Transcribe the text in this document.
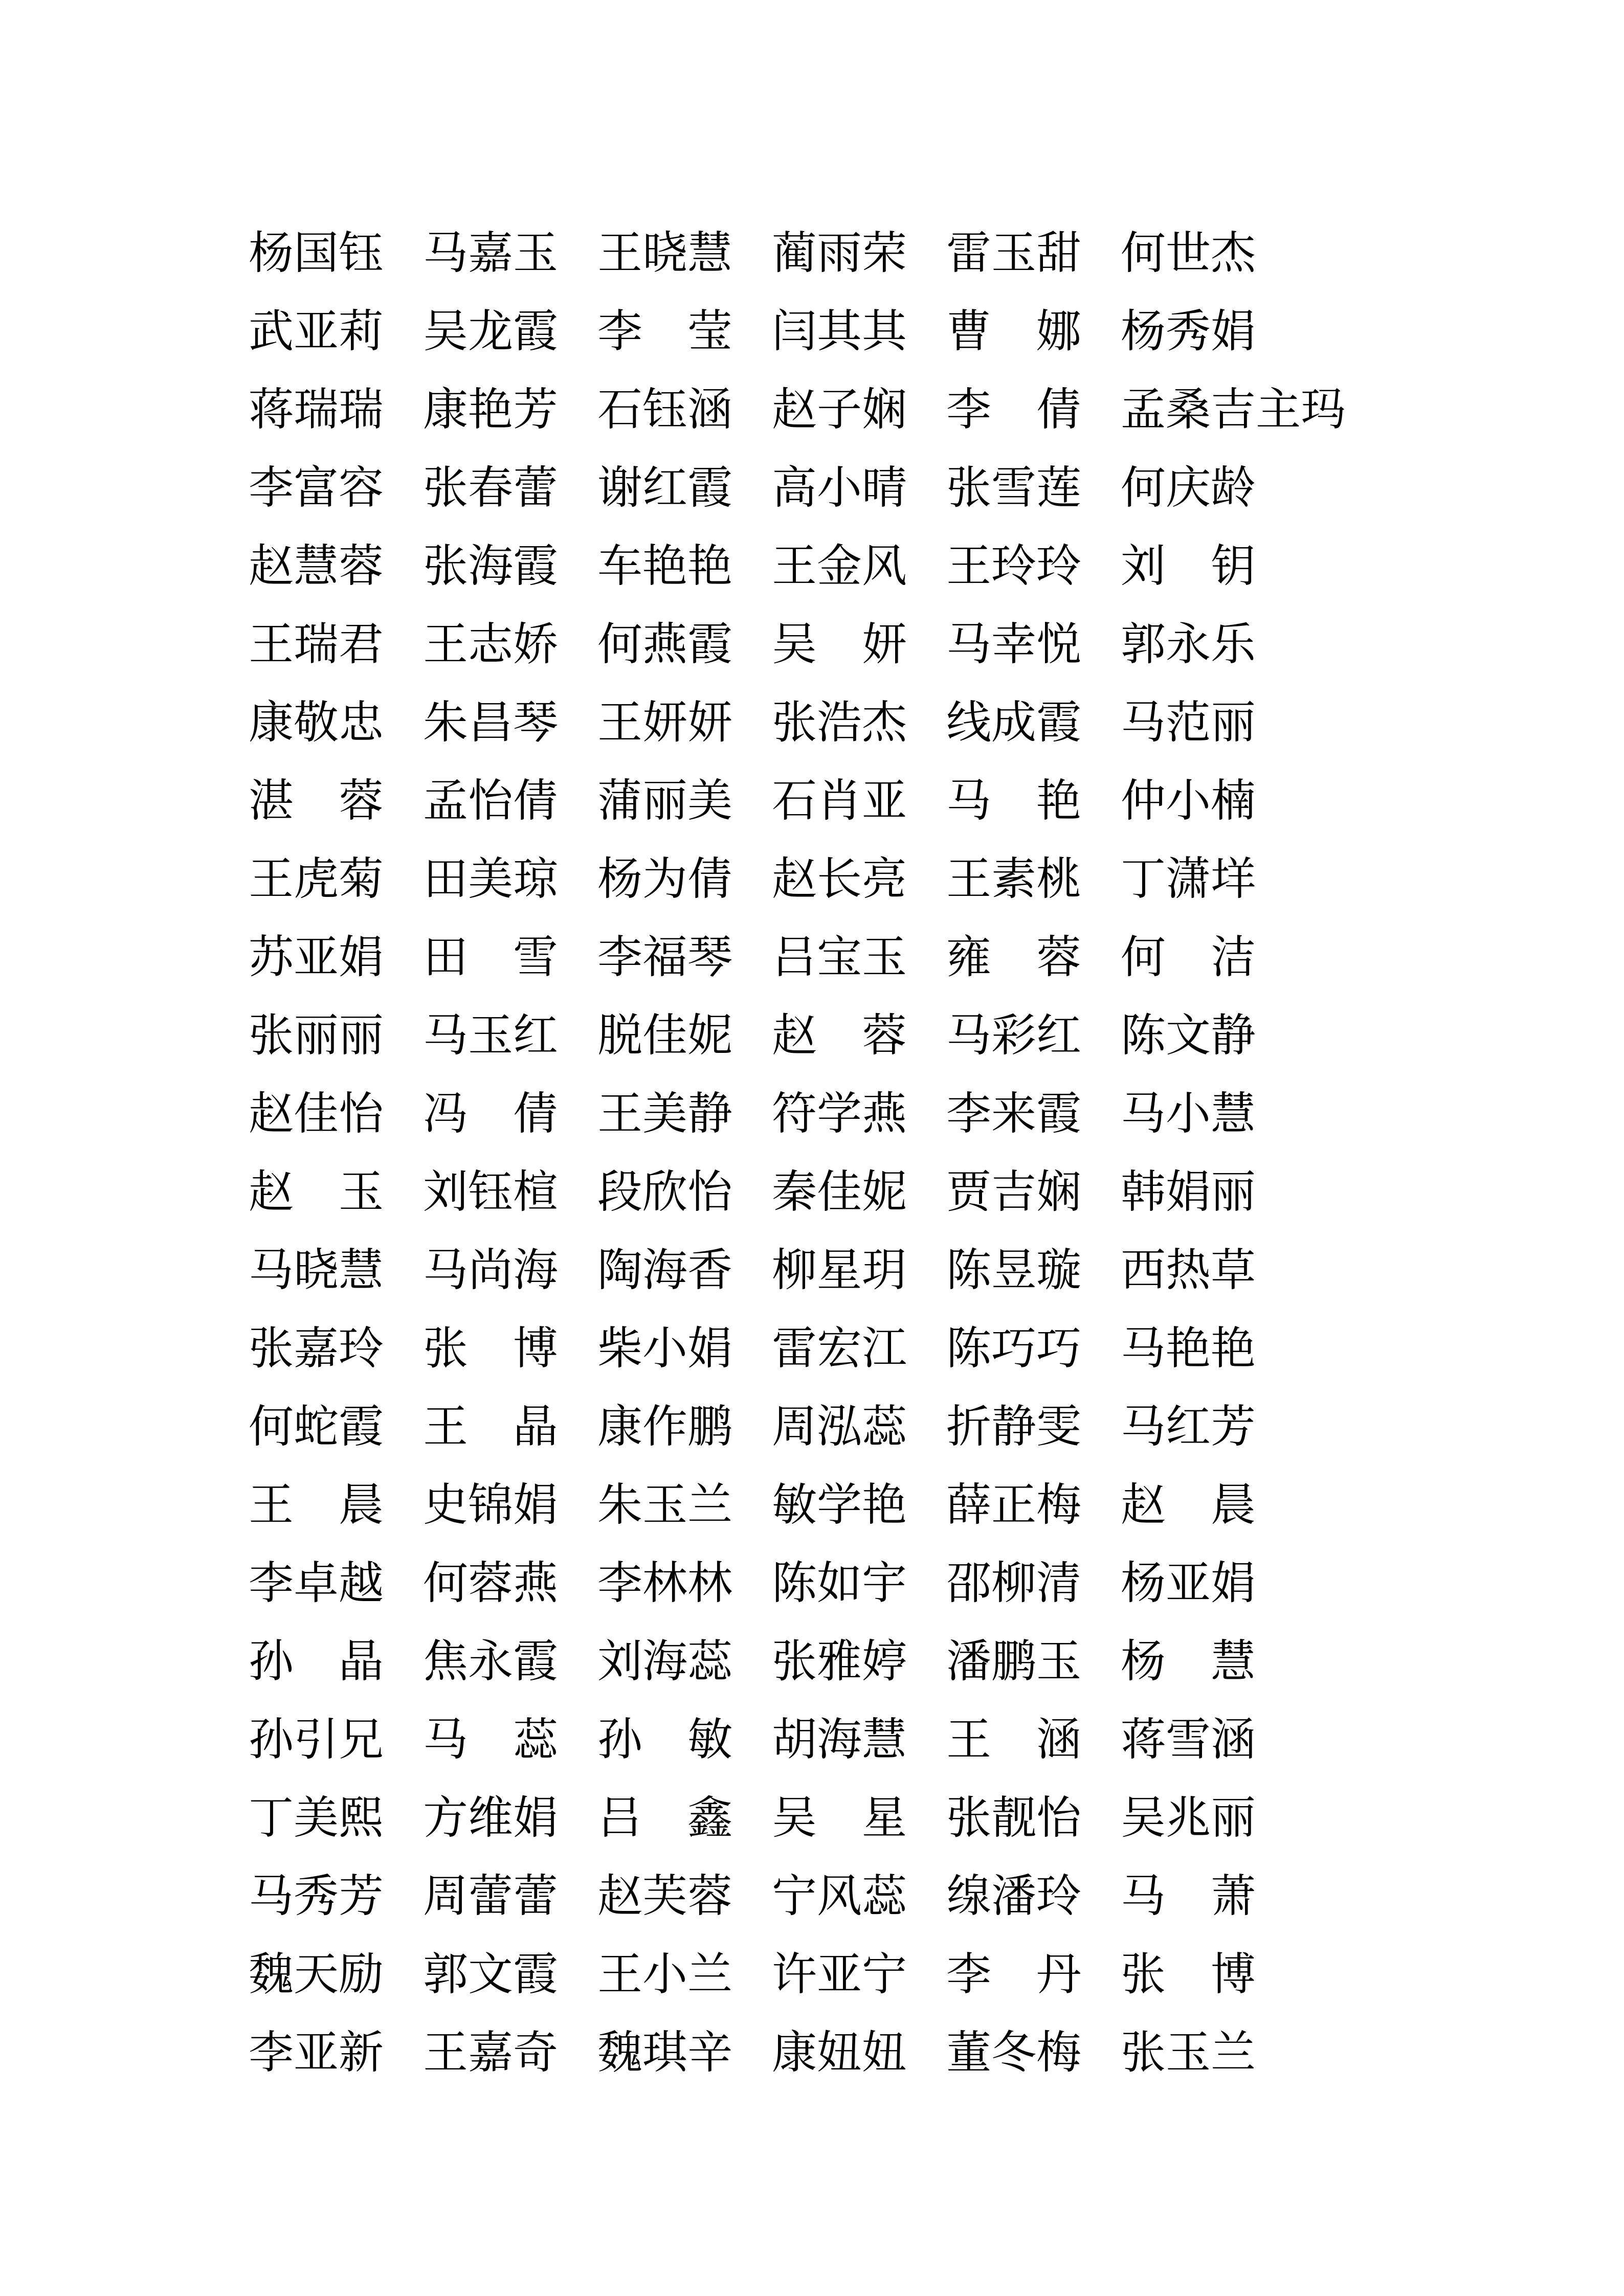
杨国钰 马嘉玉 王晓慧 蔺雨荣 雷玉甜 何世杰
武亚莉 吴龙霞 李　莹 闫其其 曹　娜 杨秀娟
蒋瑞瑞 康艳芳 石钰涵 赵子娴 李　倩 孟桑吉主玛
李富容 张春蕾 谢红霞 高小晴 张雪莲 何庆龄
赵慧蓉 张海霞 车艳艳 王金风 王玲玲 刘　钥
王瑞君 王志娇 何燕霞 吴　妍 马幸悦 郭永乐
康敬忠 朱昌琴 王妍妍 张浩杰 线成霞 马范丽
湛　蓉 孟怡倩 蒲丽美 石肖亚 马　艳 仲小楠
王虎菊 田美琼 杨为倩 赵长亮 王素桃 丁潇垟
苏亚娟 田　雪 李福琴 吕宝玉 雍　蓉 何　洁
张丽丽 马玉红 脱佳妮 赵　蓉 马彩红 陈文静
赵佳怡 冯　倩 王美静 符学燕 李来霞 马小慧
赵　玉 刘钰楦 段欣怡 秦佳妮 贾吉娴 韩娟丽
马晓慧 马尚海 陶海香 柳星玥 陈昱璇 西热草
张嘉玲 张　博 柴小娟 雷宏江 陈巧巧 马艳艳
何蛇霞 王　晶 康作鹏 周泓蕊 折静雯 马红芳
王　晨 史锦娟 朱玉兰 敏学艳 薛正梅 赵　晨
李卓越 何蓉燕 李林林 陈如宇 邵柳清 杨亚娟
孙　晶 焦永霞 刘海蕊 张雅婷 潘鹏玉 杨　慧
孙引兄 马　蕊 孙　敏 胡海慧 王　涵 蒋雪涵
丁美熙 方维娟 吕　鑫 吴　星 张靓怡 吴兆丽
马秀芳 周蕾蕾 赵芙蓉 宁风蕊 缐潘玲 马　萧
魏天励 郭文霞 王小兰 许亚宁 李　丹 张　博
李亚新 王嘉奇 魏琪辛 康妞妞 董冬梅 张玉兰
